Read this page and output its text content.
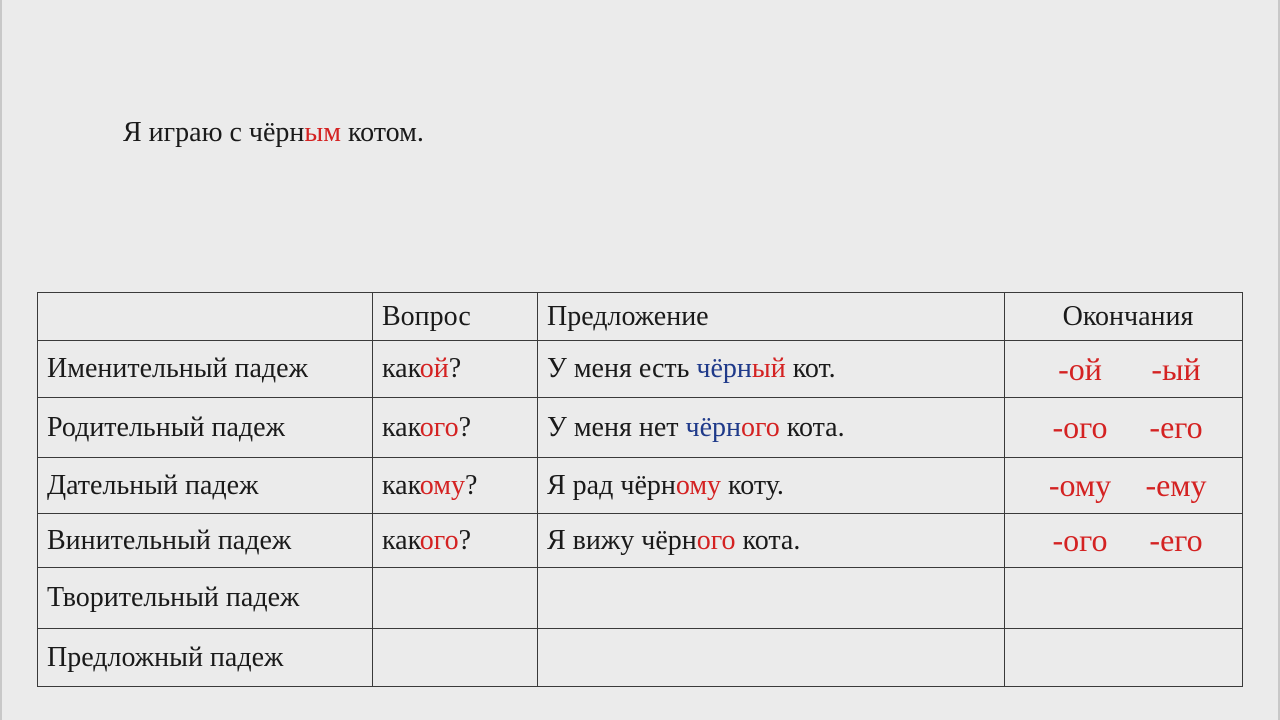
Я играю с чёрным котом.
	Вопрос	Предложение	Окончания
Именительный падеж	какой?	У меня есть чёрный кот.	-ой -ый
Родительный падеж	какого?	У меня нет чёрного кота.	-ого -его
Дательный падеж	какому?	Я рад чёрному коту.	-ому -ему
Винительный падеж	какого?	Я вижу чёрного кота.	-ого -его
Творительный падеж			
Предложный падеж			
